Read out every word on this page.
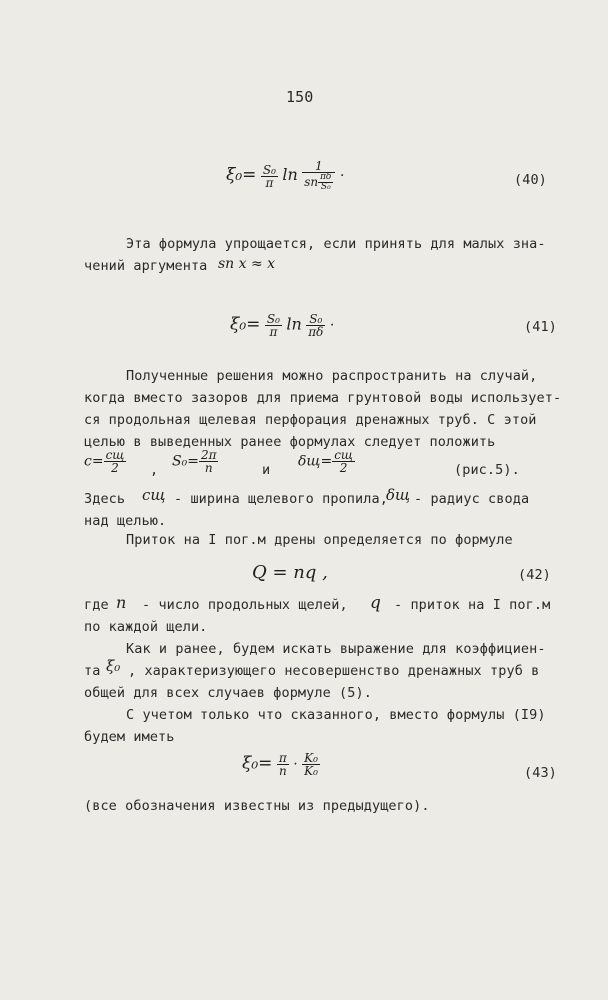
150
$\xi_0= \frac{\text{S₀}}{\pi}$ $\ln \frac{1}{sn \frac{\pi\delta}{\text{S₀}}}$ ·	(40)
Эта формула упрощается, если принять для малых зна-
чений аргумента sn x ≈ x
$\xi_0= \frac{\text{S₀}}{\pi}$ $\ln \frac{\text{S₀}}{\pi\delta}$ ·	(41)
Полученные решения можно распространить на случай,
когда вместо зазоров для приема грунтовой воды использует-
ся продольная щелевая перфорация дренажных труб. С этой
целью в выведенных ранее формулах следует положить
$c= \frac{cщ}{2}$ ,
$S_0= \frac{2\pi}{n}$	и
$\delta щ= \frac{cщ}{2}$	(рис.5).
Здесь cщ - ширина щелевого пропила,
δщ - радиус свода
над щелью.
Приток на I пог.м дрены определяется по формуле
Q = nq ,	(42)
где n - число продольных щелей, q - приток на I пог.м
по каждой щели.
Как и ранее, будем искать выражение для коэффициен-
та ξ₀ , характеризующего несовершенство дренажных труб в
общей для всех случаев формуле (5).
С учетом только что сказанного, вместо формулы (I9)
будем иметь
$\xi_0= \frac{\pi}{n} \cdot \frac{\text{K₀}}{\text{K₀}}$	(43)
(все обозначения известны из предыдущего).
